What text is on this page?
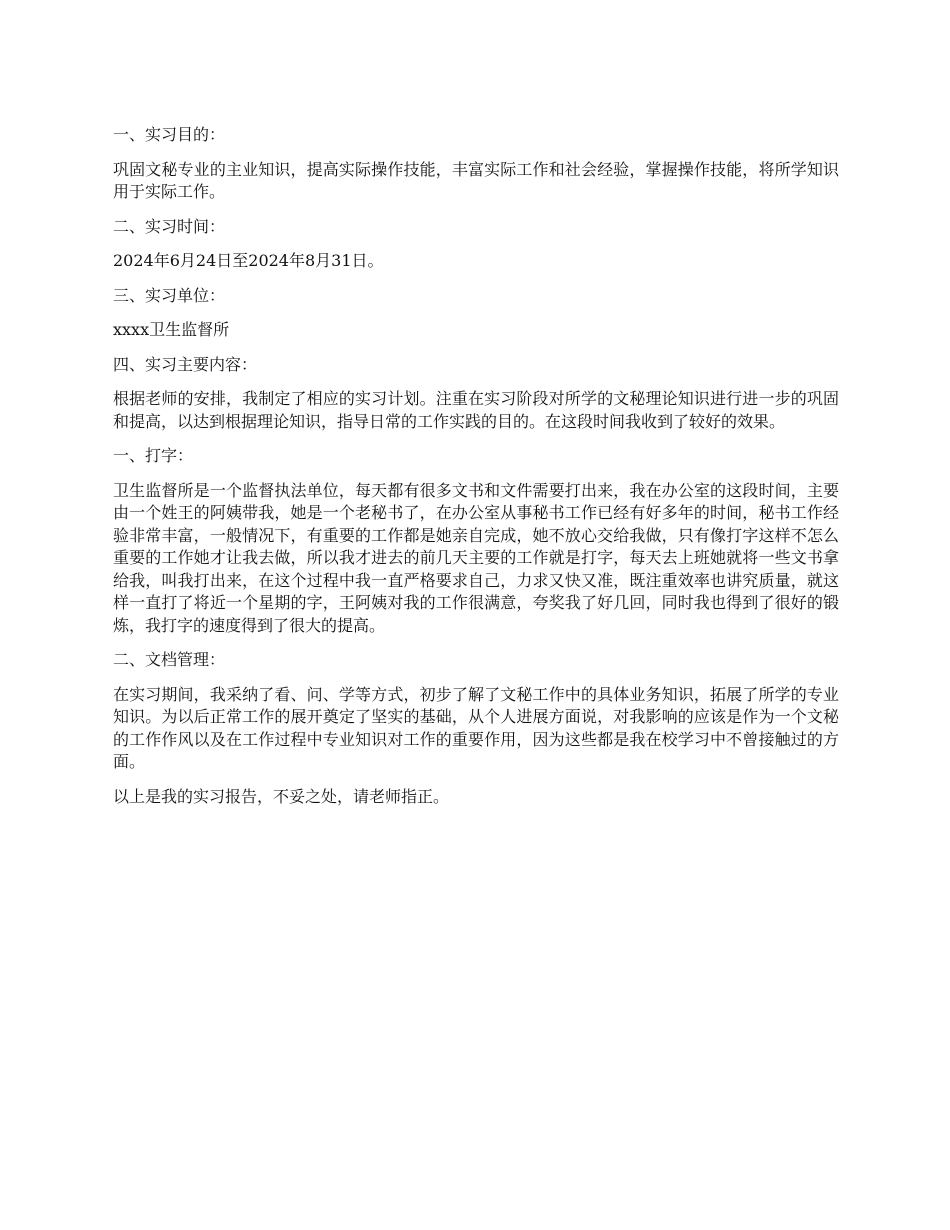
一、实习目的：

巩固文秘专业的主业知识，提高实际操作技能，丰富实际工作和社会经验，掌握操作技能，将所学知识用于实际工作。

二、实习时间：

2024年6月24日至2024年8月31日。

三、实习单位：

xxxx卫生监督所

四、实习主要内容：

根据老师的安排，我制定了相应的实习计划。注重在实习阶段对所学的文秘理论知识进行进一步的巩固和提高，以达到根据理论知识，指导日常的工作实践的目的。在这段时间我收到了较好的效果。

一、打字：

卫生监督所是一个监督执法单位，每天都有很多文书和文件需要打出来，我在办公室的这段时间，主要由一个姓王的阿姨带我，她是一个老秘书了，在办公室从事秘书工作已经有好多年的时间，秘书工作经验非常丰富，一般情况下，有重要的工作都是她亲自完成，她不放心交给我做，只有像打字这样不怎么重要的工作她才让我去做，所以我才进去的前几天主要的工作就是打字，每天去上班她就将一些文书拿给我，叫我打出来，在这个过程中我一直严格要求自己，力求又快又准，既注重效率也讲究质量，就这样一直打了将近一个星期的字，王阿姨对我的工作很满意，夸奖我了好几回，同时我也得到了很好的锻炼，我打字的速度得到了很大的提高。

二、文档管理：

在实习期间，我采纳了看、问、学等方式，初步了解了文秘工作中的具体业务知识，拓展了所学的专业知识。为以后正常工作的展开奠定了坚实的基础，从个人进展方面说，对我影响的应该是作为一个文秘的工作作风以及在工作过程中专业知识对工作的重要作用，因为这些都是我在校学习中不曾接触过的方面。

以上是我的实习报告，不妥之处，请老师指正。
